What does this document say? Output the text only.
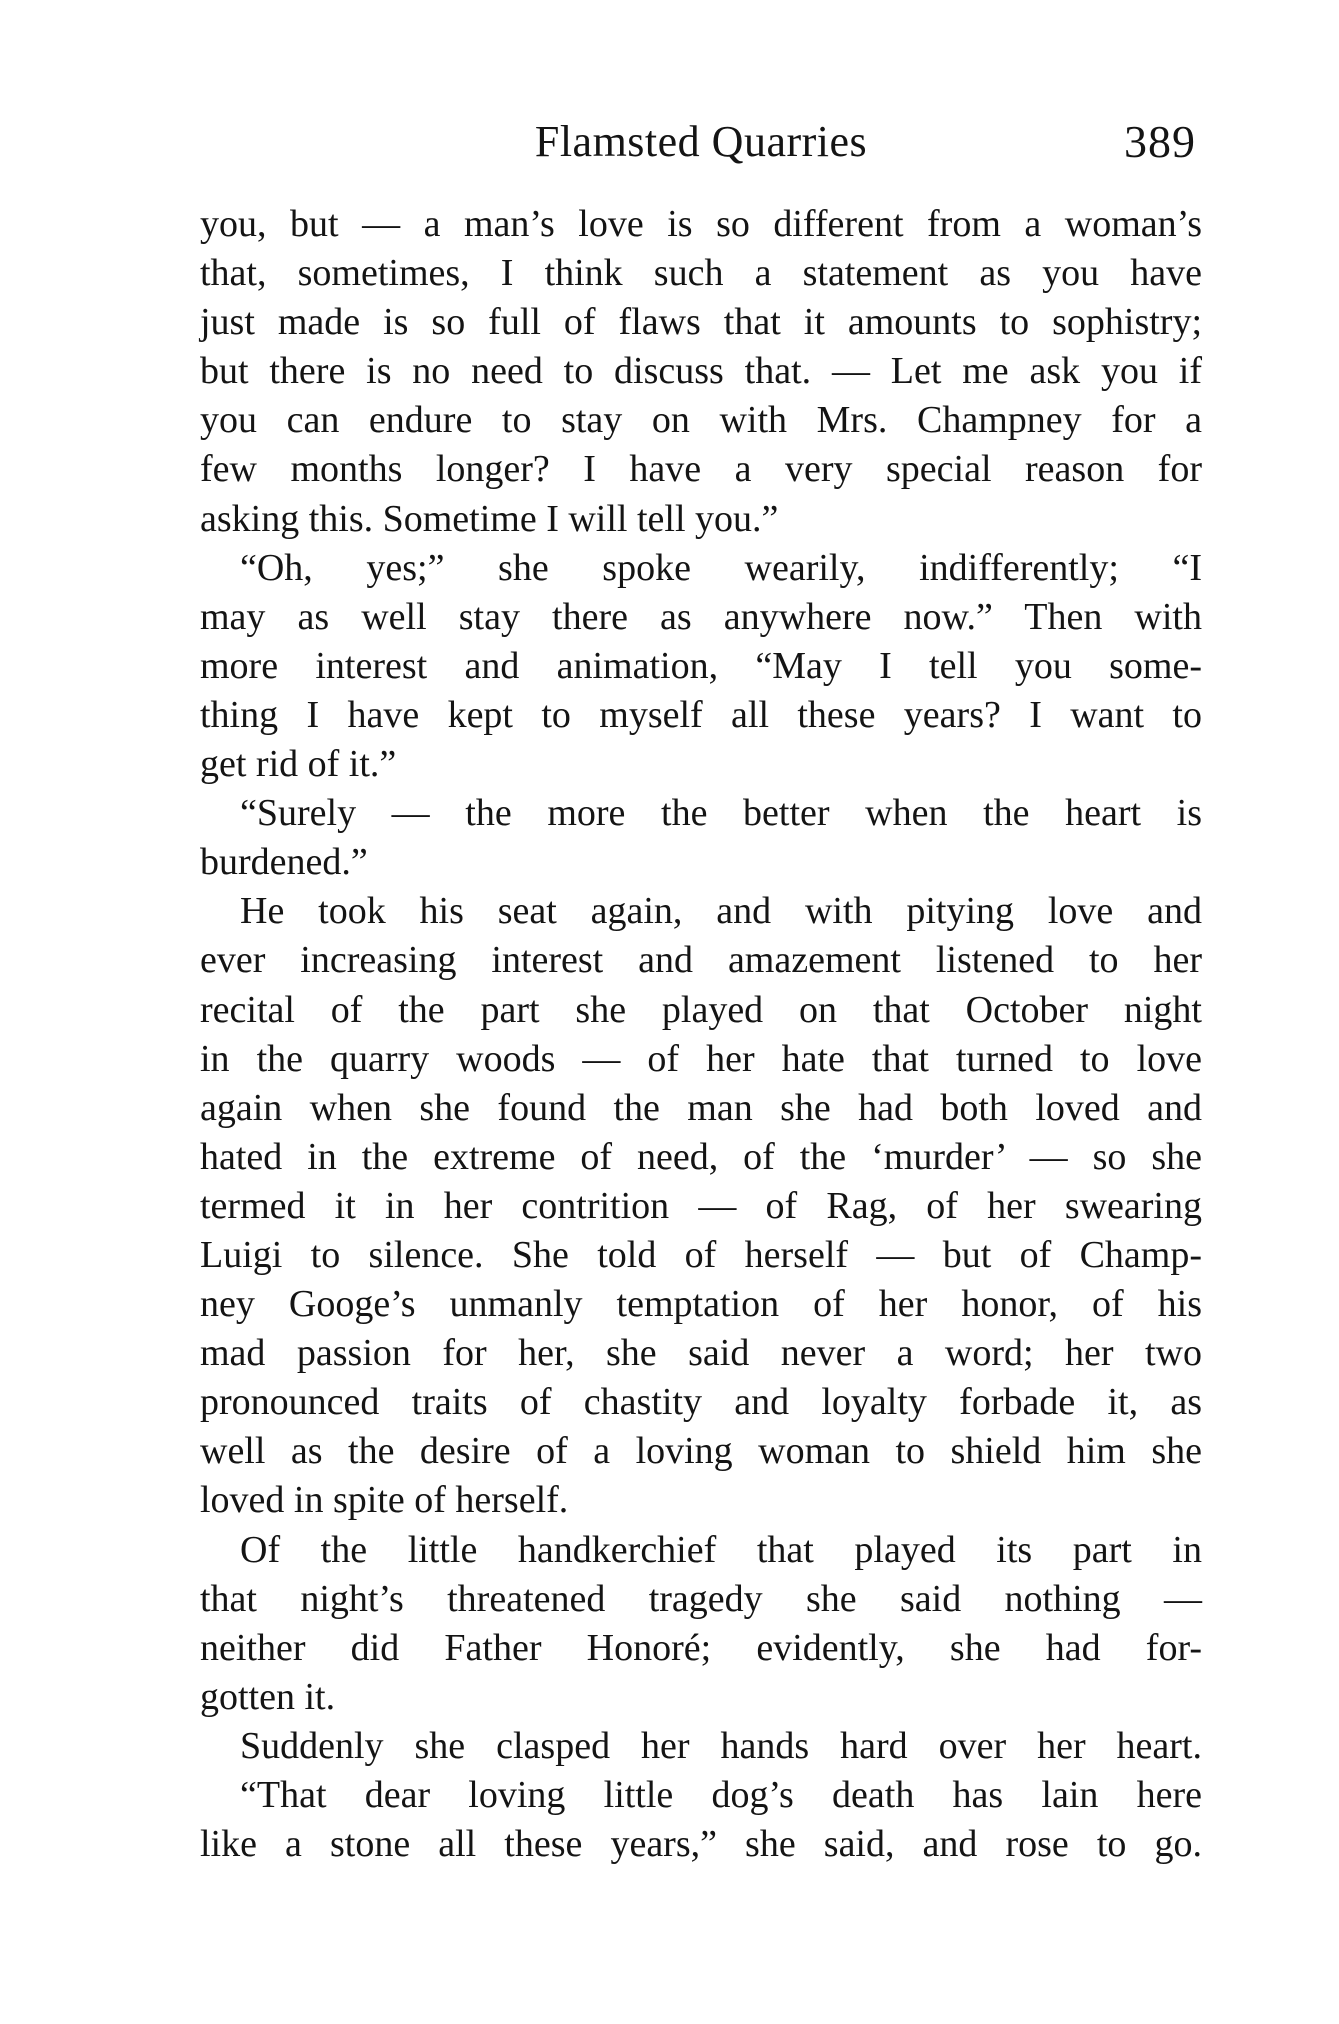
Flamsted Quarries	389
you, but — a man’s love is so different from a woman’s
that, sometimes, I think such a statement as you have
just made is so full of flaws that it amounts to sophistry;
but there is no need to discuss that. — Let me ask you if
you can endure to stay on with Mrs. Champney for a
few months longer? I have a very special reason for
asking this. Sometime I will tell you.”
“Oh, yes;” she spoke wearily, indifferently; “I
may as well stay there as anywhere now.” Then with
more interest and animation, “May I tell you some-
thing I have kept to myself all these years? I want to
get rid of it.”
“Surely — the more the better when the heart is
burdened.”
He took his seat again, and with pitying love and
ever increasing interest and amazement listened to her
recital of the part she played on that October night
in the quarry woods — of her hate that turned to love
again when she found the man she had both loved and
hated in the extreme of need, of the ‘murder’ — so she
termed it in her contrition — of Rag, of her swearing
Luigi to silence. She told of herself — but of Champ-
ney Googe’s unmanly temptation of her honor, of his
mad passion for her, she said never a word; her two
pronounced traits of chastity and loyalty forbade it, as
well as the desire of a loving woman to shield him she
loved in spite of herself.
Of the little handkerchief that played its part in
that night’s threatened tragedy she said nothing —
neither did Father Honoré; evidently, she had for-
gotten it.
Suddenly she clasped her hands hard over her heart.
“That dear loving little dog’s death has lain here
like a stone all these years,” she said, and rose to go.
